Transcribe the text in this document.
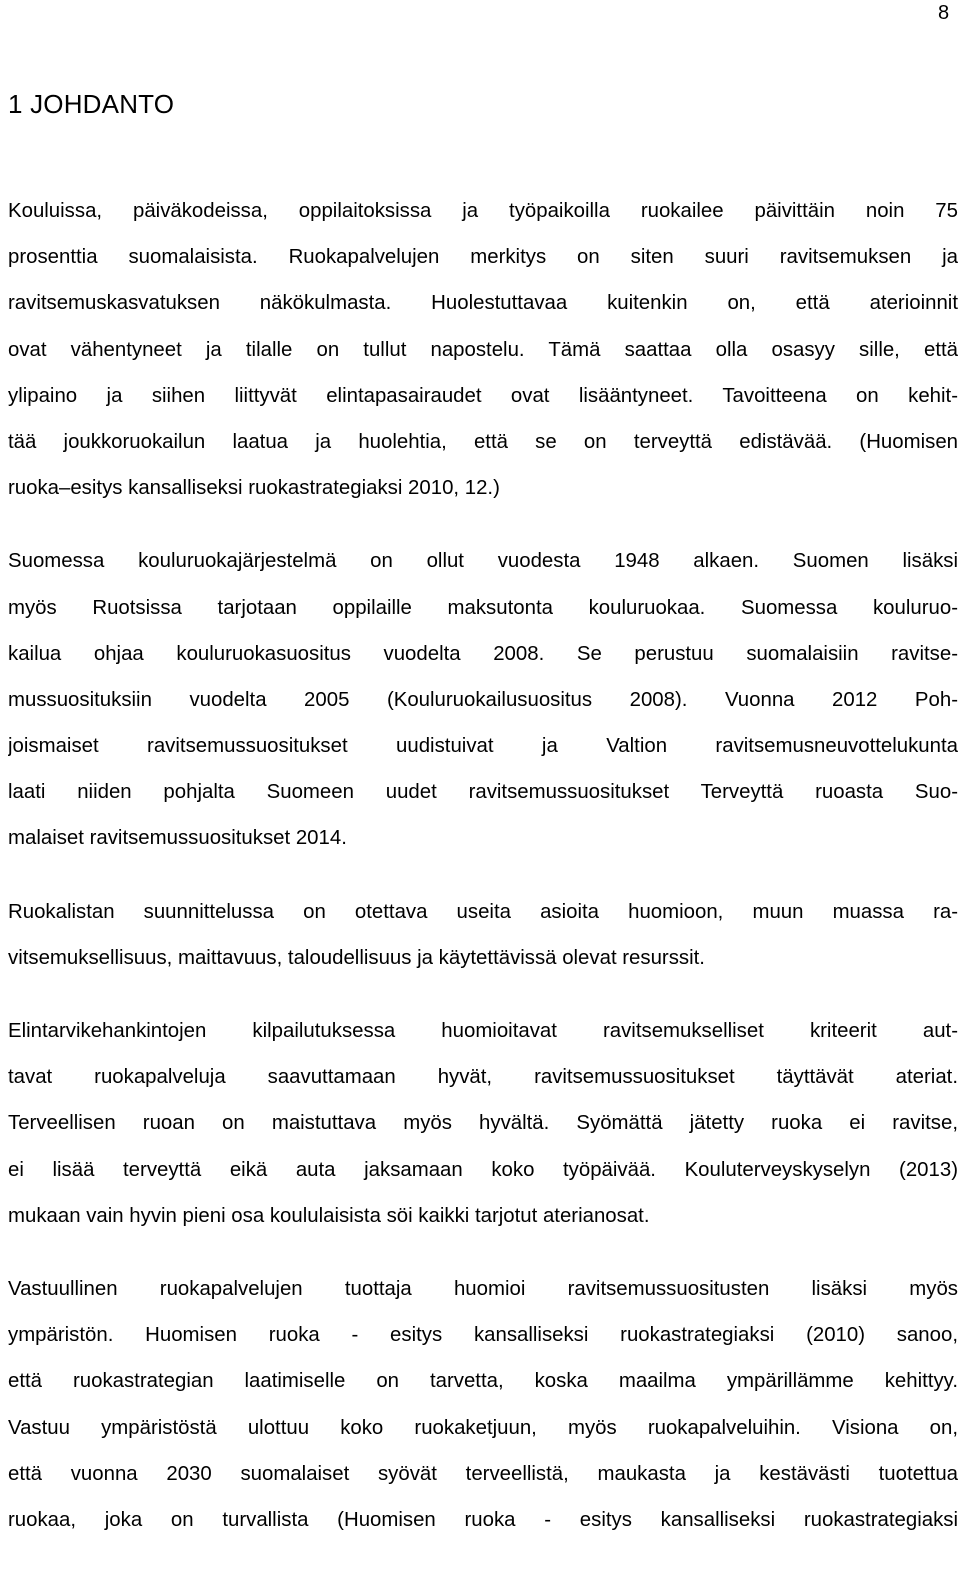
8
1 JOHDANTO

Kouluissa, päiväkodeissa, oppilaitoksissa ja työpaikoilla ruokailee päivittäin noin 75
prosenttia suomalaisista. Ruokapalvelujen merkitys on siten suuri ravitsemuksen ja
ravitsemuskasvatuksen näkökulmasta. Huolestuttavaa kuitenkin on, että aterioinnit
ovat vähentyneet ja tilalle on tullut napostelu. Tämä saattaa olla osasyy sille, että
ylipaino ja siihen liittyvät elintapasairaudet ovat lisääntyneet. Tavoitteena on kehit-
tää joukkoruokailun laatua ja huolehtia, että se on terveyttä edistävää. (Huomisen
ruoka–esitys kansalliseksi ruokastrategiaksi 2010, 12.)

Suomessa kouluruokajärjestelmä on ollut vuodesta 1948 alkaen. Suomen lisäksi
myös Ruotsissa tarjotaan oppilaille maksutonta kouluruokaa. Suomessa kouluruo-
kailua ohjaa kouluruokasuositus vuodelta 2008. Se perustuu suomalaisiin ravitse-
mussuosituksiin vuodelta 2005 (Kouluruokailusuositus 2008). Vuonna 2012 Poh-
joismaiset ravitsemussuositukset uudistuivat ja Valtion ravitsemusneuvottelukunta
laati niiden pohjalta Suomeen uudet ravitsemussuositukset Terveyttä ruoasta Suo-
malaiset ravitsemussuositukset 2014.

Ruokalistan suunnittelussa on otettava useita asioita huomioon, muun muassa ra-
vitsemuksellisuus, maittavuus, taloudellisuus ja käytettävissä olevat resurssit.

Elintarvikehankintojen kilpailutuksessa huomioitavat ravitsemukselliset kriteerit aut-
tavat ruokapalveluja saavuttamaan hyvät, ravitsemussuositukset täyttävät ateriat.
Terveellisen ruoan on maistuttava myös hyvältä. Syömättä jätetty ruoka ei ravitse,
ei lisää terveyttä eikä auta jaksamaan koko työpäivää. Kouluterveyskyselyn (2013)
mukaan vain hyvin pieni osa koululaisista söi kaikki tarjotut aterianosat.

Vastuullinen ruokapalvelujen tuottaja huomioi ravitsemussuositusten lisäksi myös
ympäristön. Huomisen ruoka - esitys kansalliseksi ruokastrategiaksi (2010) sanoo,
että ruokastrategian laatimiselle on tarvetta, koska maailma ympärillämme kehittyy.
Vastuu ympäristöstä ulottuu koko ruokaketjuun, myös ruokapalveluihin. Visiona on,
että vuonna 2030 suomalaiset syövät terveellistä, maukasta ja kestävästi tuotettua
ruokaa, joka on turvallista (Huomisen ruoka - esitys kansalliseksi ruokastrategiaksi
